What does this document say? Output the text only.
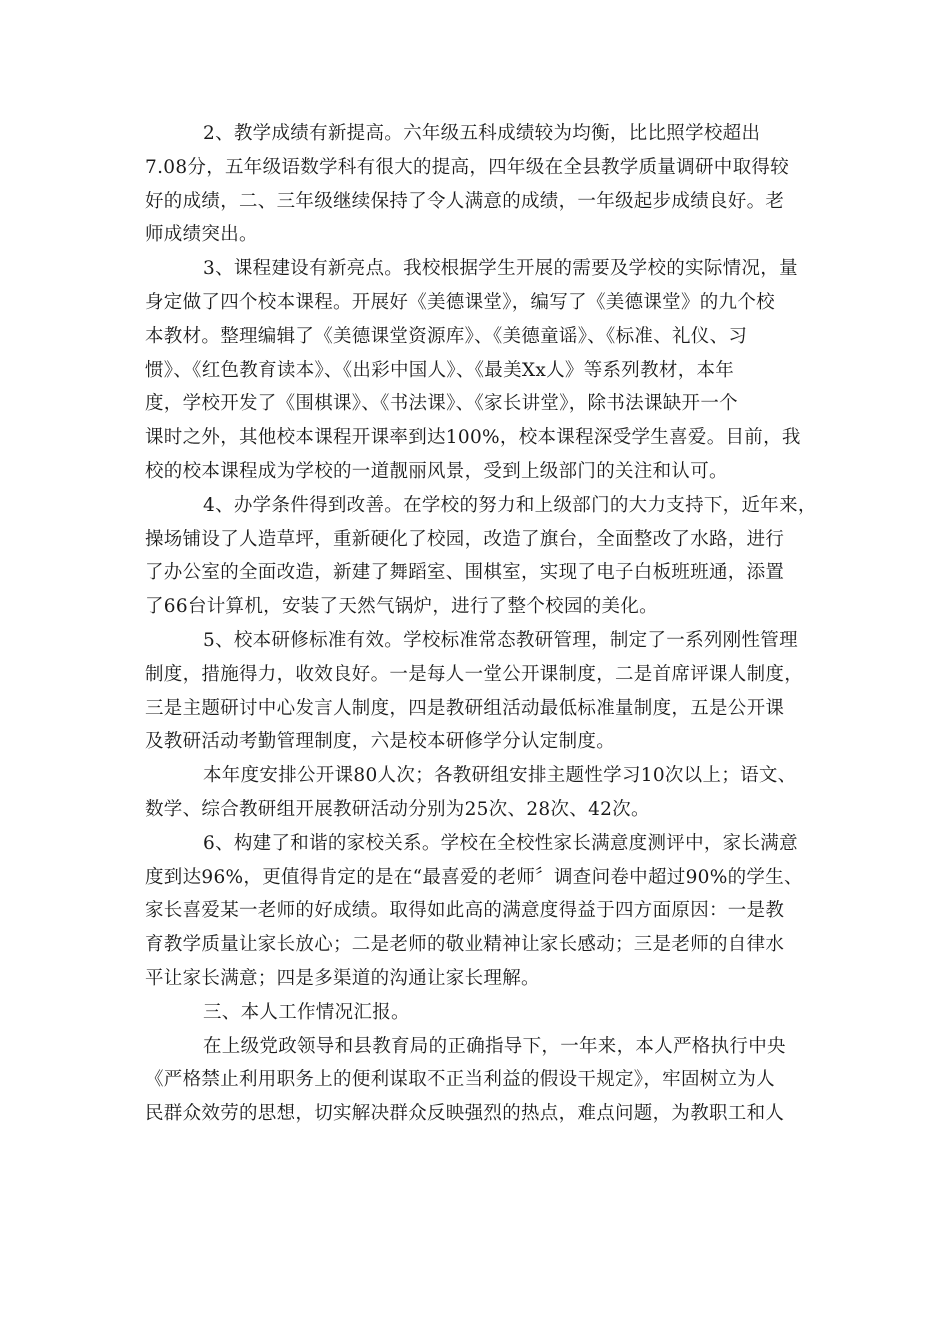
2、教学成绩有新提高。六年级五科成绩较为均衡，比比照学校超出
7.08分，五年级语数学科有很大的提高，四年级在全县教学质量调研中取得较
好的成绩，二、三年级继续保持了令人满意的成绩，一年级起步成绩良好。老
师成绩突出。
3、课程建设有新亮点。我校根据学生开展的需要及学校的实际情况，量
身定做了四个校本课程。开展好《美德课堂》，编写了《美德课堂》的九个校
本教材。整理编辑了《美德课堂资源库》、《美德童谣》、《标准、礼仪、习
惯》、《红色教育读本》、《出彩中国人》、《最美Xx人》等系列教材，本年
度，学校开发了《围棋课》、《书法课》、《家长讲堂》，除书法课缺开一个
课时之外，其他校本课程开课率到达100%，校本课程深受学生喜爱。目前，我
校的校本课程成为学校的一道靓丽风景，受到上级部门的关注和认可。
4、办学条件得到改善。在学校的努力和上级部门的大力支持下，近年来，
操场铺设了人造草坪，重新硬化了校园，改造了旗台，全面整改了水路，进行
了办公室的全面改造，新建了舞蹈室、围棋室，实现了电子白板班班通，添置
了66台计算机，安装了天然气锅炉，进行了整个校园的美化。
5、校本研修标准有效。学校标准常态教研管理，制定了一系列刚性管理
制度，措施得力，收效良好。一是每人一堂公开课制度，二是首席评课人制度，
三是主题研讨中心发言人制度，四是教研组活动最低标准量制度，五是公开课
及教研活动考勤管理制度，六是校本研修学分认定制度。
本年度安排公开课80人次；各教研组安排主题性学习10次以上；语文、
数学、综合教研组开展教研活动分别为25次、28次、42次。
6、构建了和谐的家校关系。学校在全校性家长满意度测评中，家长满意
度到达96%，更值得肯定的是在“最喜爱的老师〞调查问卷中超过90%的学生、
家长喜爱某一老师的好成绩。取得如此高的满意度得益于四方面原因：一是教
育教学质量让家长放心；二是老师的敬业精神让家长感动；三是老师的自律水
平让家长满意；四是多渠道的沟通让家长理解。
三、本人工作情况汇报。
在上级党政领导和县教育局的正确指导下，一年来，本人严格执行中央
《严格禁止利用职务上的便利谋取不正当利益的假设干规定》，牢固树立为人
民群众效劳的思想，切实解决群众反映强烈的热点，难点问题，为教职工和人
